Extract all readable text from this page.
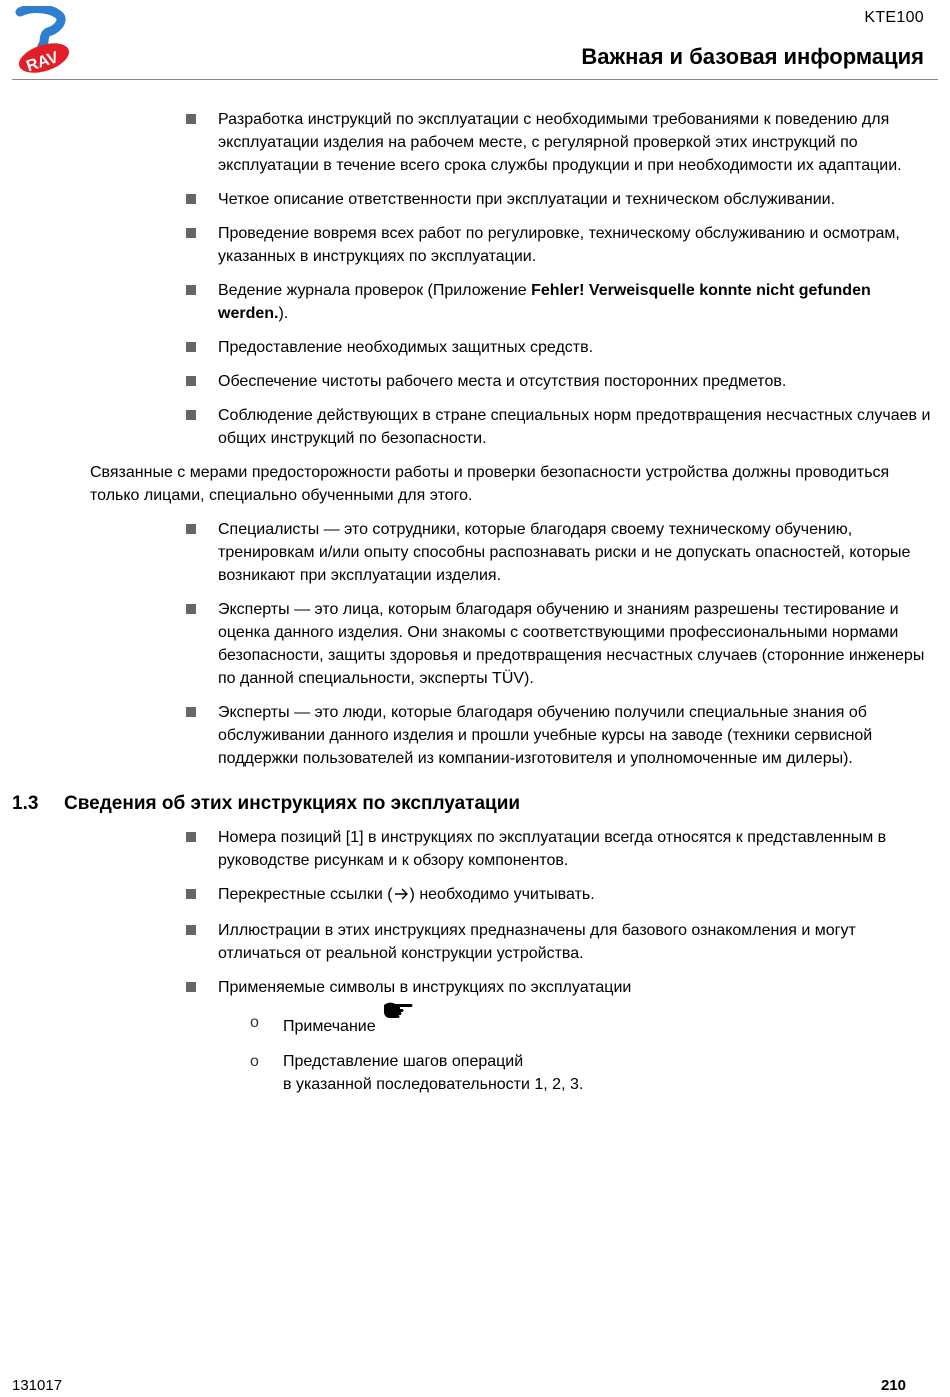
RAV
KTE100
Важная и базовая информация
Разработка инструкций по эксплуатации с необходимыми требованиями к поведению для эксплуатации изделия на рабочем месте, с регулярной проверкой этих инструкций по эксплуатации в течение всего срока службы продукции и при необходимости их адаптации.
Четкое описание ответственности при эксплуатации и техническом обслуживании.
Проведение вовремя всех работ по регулировке, техническому обслуживанию и осмотрам, указанных в инструкциях по эксплуатации.
Ведение журнала проверок (Приложение Fehler! Verweisquelle konnte nicht gefunden werden.).
Предоставление необходимых защитных средств.
Обеспечение чистоты рабочего места и отсутствия посторонних предметов.
Соблюдение действующих в стране специальных норм предотвращения несчастных случаев и общих инструкций по безопасности.

Связанные с мерами предосторожности работы и проверки безопасности устройства должны проводиться только лицами, специально обученными для этого.

Специалисты — это сотрудники, которые благодаря своему техническому обучению, тренировкам и/или опыту способны распознавать риски и не допускать опасностей, которые возникают при эксплуатации изделия.
Эксперты — это лица, которым благодаря обучению и знаниям разрешены тестирование и оценка данного изделия. Они знакомы с соответствующими профессиональными нормами безопасности, защиты здоровья и предотвращения несчастных случаев (сторонние инженеры по данной специальности, эксперты TÜV).
Эксперты — это люди, которые благодаря обучению получили специальные знания об обслуживании данного изделия и прошли учебные курсы на заводе (техники сервисной поддержки пользователей из компании-изготовителя и уполномоченные им дилеры).
1.3 Сведения об этих инструкциях по эксплуатации
Номера позиций [1] в инструкциях по эксплуатации всегда относятся к представленным в руководстве рисункам и к обзору компонентов.
Перекрестные ссылки ( ) необходимо учитывать.
Иллюстрации в этих инструкциях предназначены для базового ознакомления и могут отличаться от реальной конструкции устройства.
Применяемые символы в инструкциях по эксплуатации
o Примечание
o Представление шагов операций
в указанной последовательности 1, 2, 3.
131017	210
